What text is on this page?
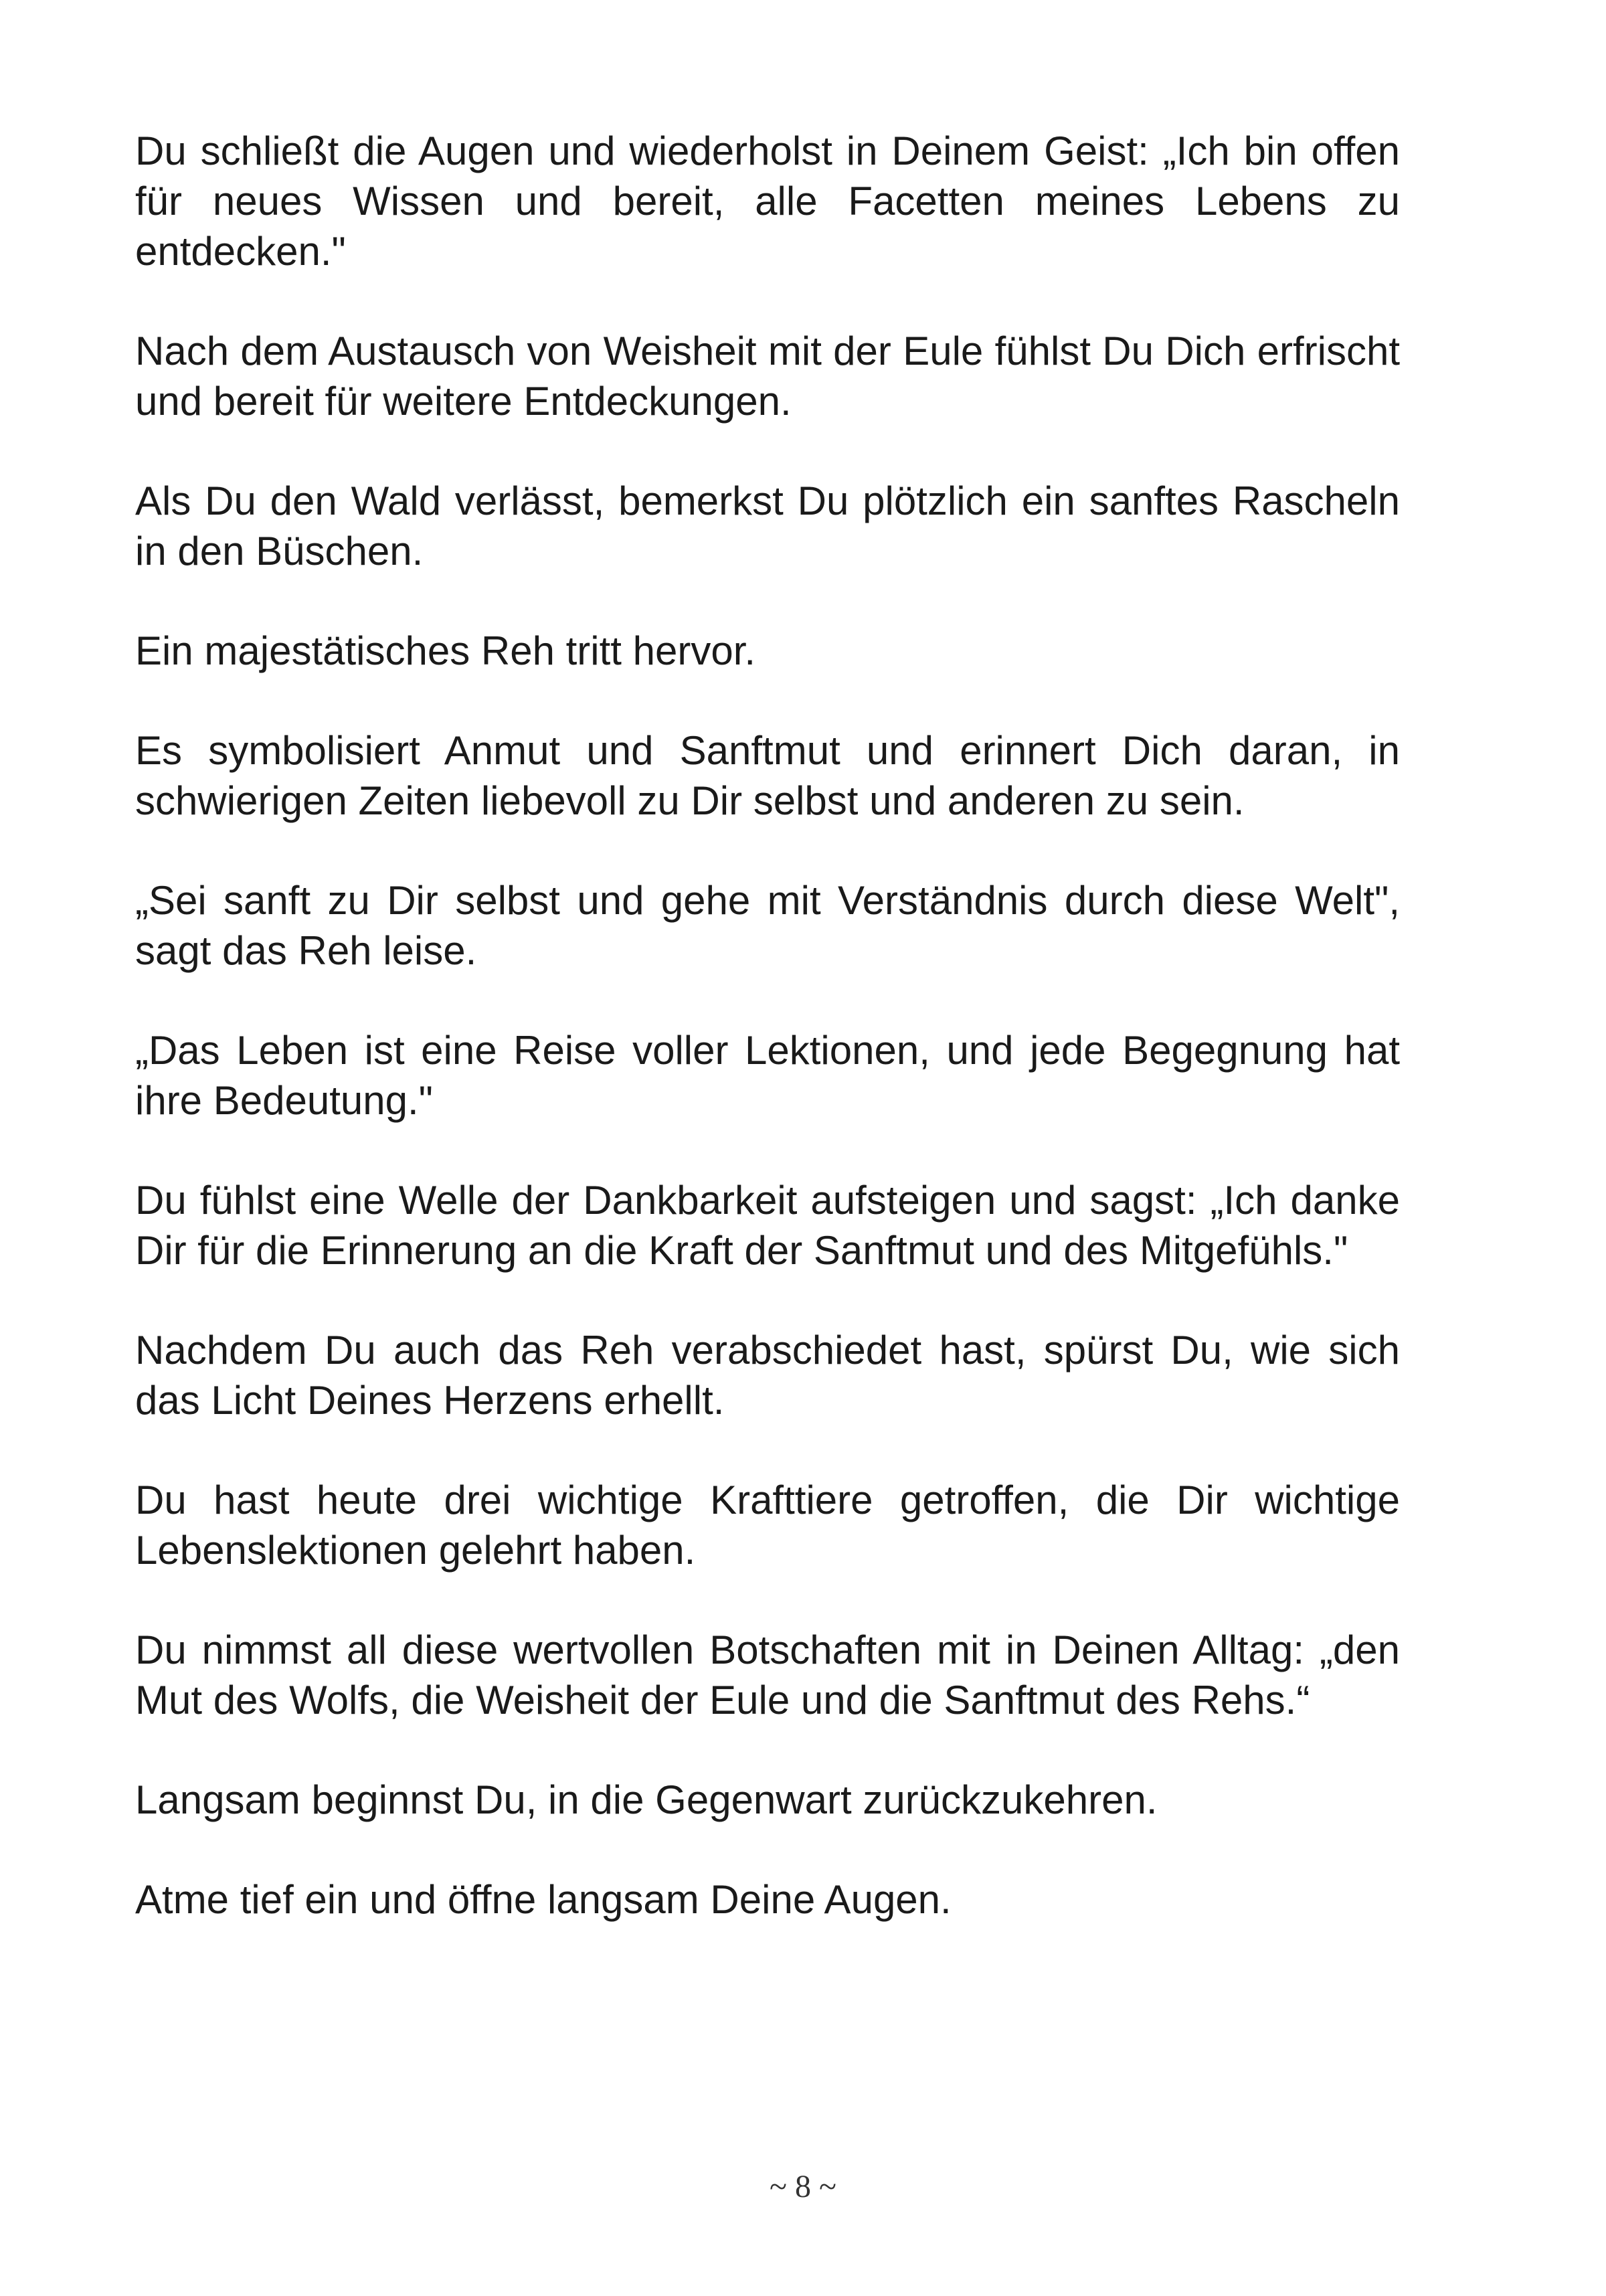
Du schließt die Augen und wiederholst in Deinem Geist: „Ich bin offen für neues Wissen und bereit, alle Facetten meines Lebens zu entdecken."

Nach dem Austausch von Weisheit mit der Eule fühlst Du Dich erfrischt und bereit für weitere Entdeckungen.

Als Du den Wald verlässt, bemerkst Du plötzlich ein sanftes Rascheln in den Büschen.

Ein majestätisches Reh tritt hervor.

Es symbolisiert Anmut und Sanftmut und erinnert Dich daran, in schwierigen Zeiten liebevoll zu Dir selbst und anderen zu sein.

„Sei sanft zu Dir selbst und gehe mit Verständnis durch diese Welt", sagt das Reh leise.

„Das Leben ist eine Reise voller Lektionen, und jede Begegnung hat ihre Bedeutung."

Du fühlst eine Welle der Dankbarkeit aufsteigen und sagst: „Ich danke Dir für die Erinnerung an die Kraft der Sanftmut und des Mitgefühls."

Nachdem Du auch das Reh verabschiedet hast, spürst Du, wie sich das Licht Deines Herzens erhellt.

Du hast heute drei wichtige Krafttiere getroffen, die Dir wichtige Lebenslektionen gelehrt haben.

Du nimmst all diese wertvollen Botschaften mit in Deinen Alltag: „den Mut des Wolfs, die Weisheit der Eule und die Sanftmut des Rehs.“

Langsam beginnst Du, in die Gegenwart zurückzukehren.

Atme tief ein und öffne langsam Deine Augen.

~ 8 ~
